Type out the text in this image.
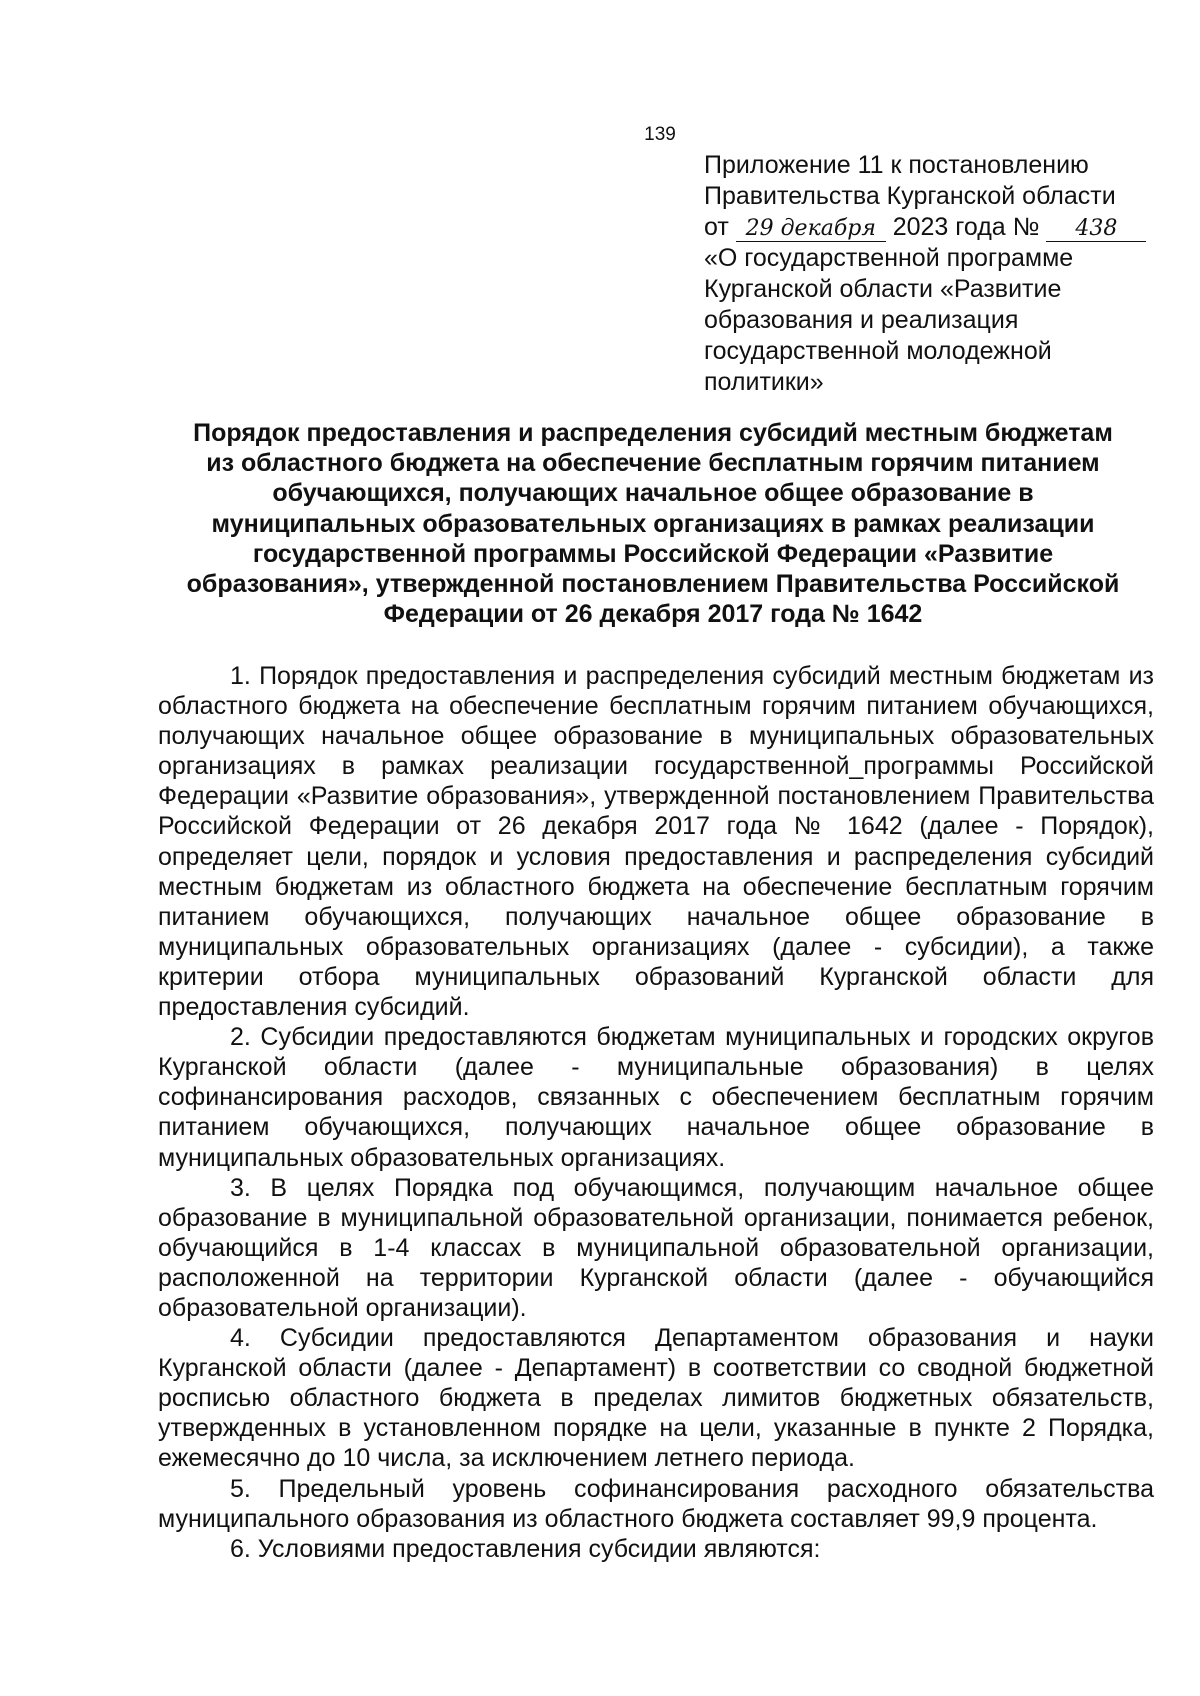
139
Приложение 11 к постановлению
Правительства Курганской области
от 29 декабря 2023 года № 438
«О государственной программе
Курганской области «Развитие
образования и реализация
государственной молодежной
политики»
Порядок предоставления и распределения субсидий местным бюджетам
из областного бюджета на обеспечение бесплатным горячим питанием
обучающихся, получающих начальное общее образование в
муниципальных образовательных организациях в рамках реализации
государственной программы Российской Федерации «Развитие
образования», утвержденной постановлением Правительства Российской
Федерации от 26 декабря 2017 года № 1642

1. Порядок предоставления и распределения субсидий местным бюджетам из областного бюджета на обеспечение бесплатным горячим питанием обучающихся, получающих начальное общее образование в муниципальных образовательных организациях в рамках реализации государственной_программы Российской Федерации «Развитие образования», утвержденной постановлением Правительства Российской Федерации от 26 декабря 2017 года № 1642 (далее - Порядок), определяет цели, порядок и условия предоставления и распределения субсидий местным бюджетам из областного бюджета на обеспечение бесплатным горячим питанием обучающихся, получающих начальное общее образование в муниципальных образовательных организациях (далее - субсидии), а также критерии отбора муниципальных образований Курганской области для предоставления субсидий.

2. Субсидии предоставляются бюджетам муниципальных и городских округов Курганской области (далее - муниципальные образования) в целях софинансирования расходов, связанных с обеспечением бесплатным горячим питанием обучающихся, получающих начальное общее образование в муниципальных образовательных организациях.

3. В целях Порядка под обучающимся, получающим начальное общее образование в муниципальной образовательной организации, понимается ребенок, обучающийся в 1-4 классах в муниципальной образовательной организации, расположенной на территории Курганской области (далее - обучающийся образовательной организации).

4. Субсидии предоставляются Департаментом образования и науки Курганской области (далее - Департамент) в соответствии со сводной бюджетной росписью областного бюджета в пределах лимитов бюджетных обязательств, утвержденных в установленном порядке на цели, указанные в пункте 2 Порядка, ежемесячно до 10 числа, за исключением летнего периода.

5. Предельный уровень софинансирования расходного обязательства муниципального образования из областного бюджета составляет 99,9 процента.

6. Условиями предоставления субсидии являются:
